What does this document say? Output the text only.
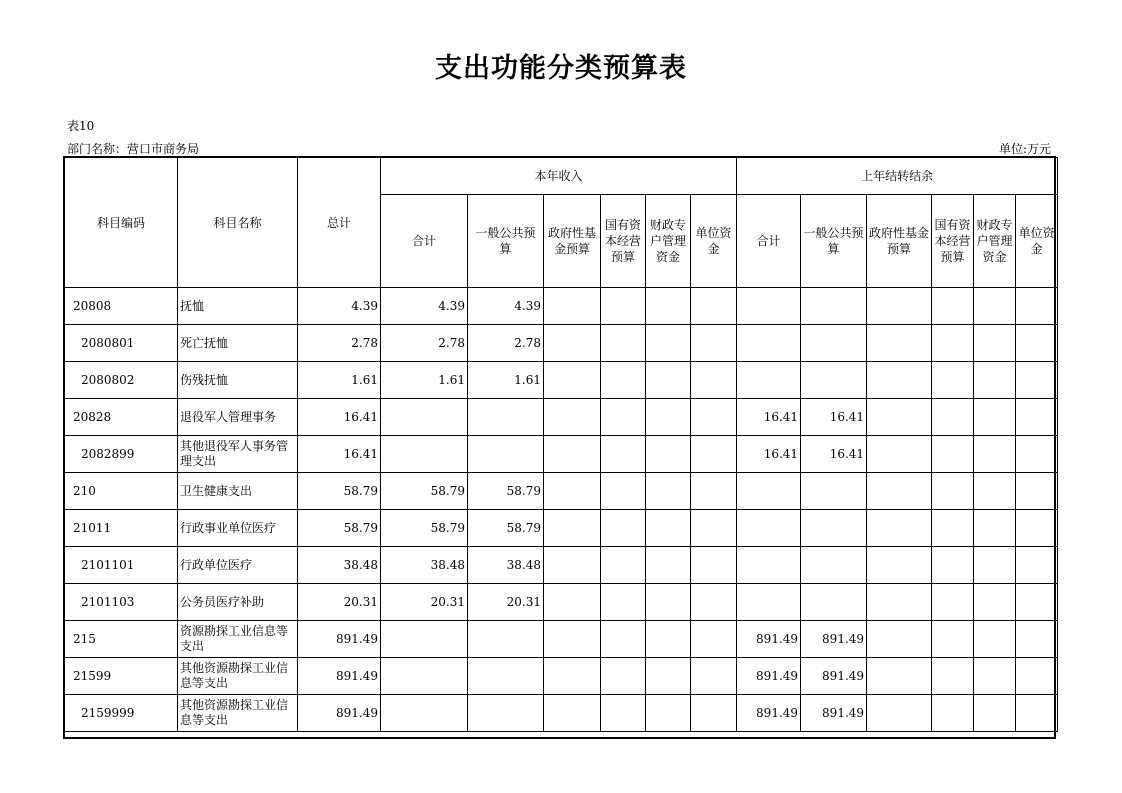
支出功能分类预算表
表10
部门名称：营口市商务局	单位:万元
科目编码	科目名称	总计	本年收入						上年结转结余					
			合计	一般公共预算	政府性基金预算	国有资本经营预算	财政专户管理资金	单位资金	合计	一般公共预算	政府性基金预算	国有资本经营预算	财政专户管理资金	单位资金
20808	抚恤	4.39	4.39	4.39										
2080801	死亡抚恤	2.78	2.78	2.78										
2080802	伤残抚恤	1.61	1.61	1.61										
20828	退役军人管理事务	16.41							16.41	16.41				
2082899	其他退役军人事务管理支出	16.41							16.41	16.41				
210	卫生健康支出	58.79	58.79	58.79										
21011	行政事业单位医疗	58.79	58.79	58.79										
2101101	行政单位医疗	38.48	38.48	38.48										
2101103	公务员医疗补助	20.31	20.31	20.31										
215	资源勘探工业信息等支出	891.49							891.49	891.49				
21599	其他资源勘探工业信息等支出	891.49							891.49	891.49				
2159999	其他资源勘探工业信息等支出	891.49							891.49	891.49				
